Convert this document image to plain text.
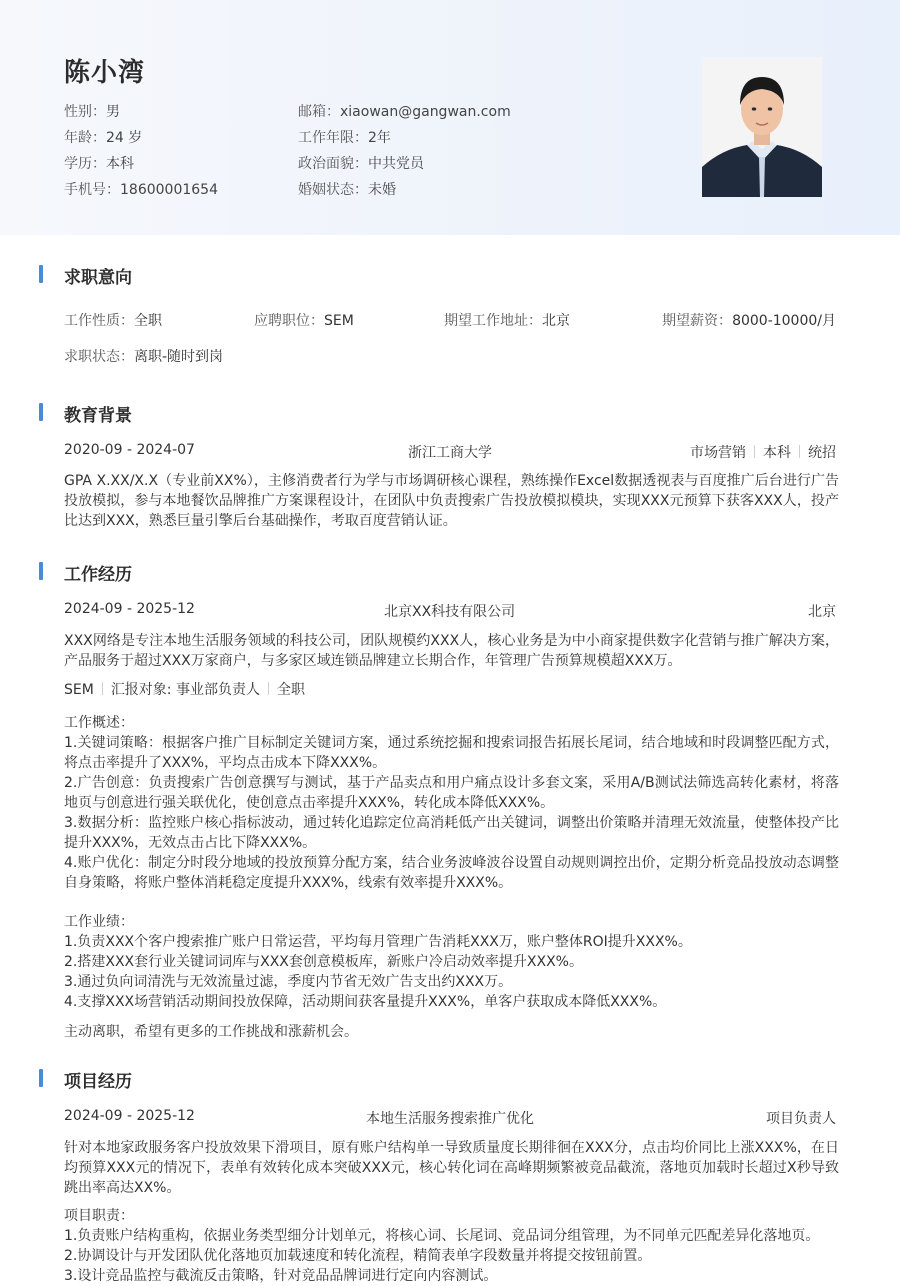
陈小湾
性别：男
年龄：24 岁
学历：本科
手机号：18600001654
邮箱：xiaowan@gangwan.com
工作年限：2年
政治面貌：中共党员
婚姻状态：未婚
求职意向
工作性质：全职	应聘职位：SEM	期望工作地址：北京	期望薪资：8000-10000/月
求职状态：离职-随时到岗
教育背景
2020-09 - 2024-07	浙江工商大学	市场营销 本科 统招
GPA X.XX/X.X（专业前XX%），主修消费者行为学与市场调研核心课程，熟练操作Excel数据透视表与百度推广后台进行广告投放模拟，参与本地餐饮品牌推广方案课程设计，在团队中负责搜索广告投放模拟模块，实现XXX元预算下获客XXX人，投产比达到XXX，熟悉巨量引擎后台基础操作，考取百度营销认证。
工作经历
2024-09 - 2025-12	北京XX科技有限公司	北京
XXX网络是专注本地生活服务领域的科技公司，团队规模约XXX人，核心业务是为中小商家提供数字化营销与推广解决方案，产品服务于超过XXX万家商户，与多家区域连锁品牌建立长期合作，年管理广告预算规模超XXX万。
SEM 汇报对象: 事业部负责人 全职
工作概述：
1.关键词策略：根据客户推广目标制定关键词方案，通过系统挖掘和搜索词报告拓展长尾词，结合地域和时段调整匹配方式，将点击率提升了XXX%，平均点击成本下降XXX%。
2.广告创意：负责搜索广告创意撰写与测试，基于产品卖点和用户痛点设计多套文案，采用A/B测试法筛选高转化素材，将落地页与创意进行强关联优化，使创意点击率提升XXX%，转化成本降低XXX%。
3.数据分析：监控账户核心指标波动，通过转化追踪定位高消耗低产出关键词，调整出价策略并清理无效流量，使整体投产比提升XXX%，无效点击占比下降XXX%。
4.账户优化：制定分时段分地域的投放预算分配方案，结合业务波峰波谷设置自动规则调控出价，定期分析竞品投放动态调整自身策略，将账户整体消耗稳定度提升XXX%，线索有效率提升XXX%。
工作业绩：
1.负责XXX个客户搜索推广账户日常运营，平均每月管理广告消耗XXX万，账户整体ROI提升XXX%。
2.搭建XXX套行业关键词词库与XXX套创意模板库，新账户冷启动效率提升XXX%。
3.通过负向词清洗与无效流量过滤，季度内节省无效广告支出约XXX万。
4.支撑XXX场营销活动期间投放保障，活动期间获客量提升XXX%，单客户获取成本降低XXX%。
主动离职，希望有更多的工作挑战和涨薪机会。
项目经历
2024-09 - 2025-12	本地生活服务搜索推广优化	项目负责人
针对本地家政服务客户投放效果下滑项目，原有账户结构单一导致质量度长期徘徊在XXX分，点击均价同比上涨XXX%，在日均预算XXX元的情况下，表单有效转化成本突破XXX元，核心转化词在高峰期频繁被竞品截流，落地页加载时长超过X秒导致跳出率高达XX%。
项目职责：
1.负责账户结构重构，依据业务类型细分计划单元，将核心词、长尾词、竞品词分组管理，为不同单元匹配差异化落地页。
2.协调设计与开发团队优化落地页加载速度和转化流程，精简表单字段数量并将提交按钮前置。
3.设计竞品监控与截流反击策略，针对竞品品牌词进行定向内容测试。
